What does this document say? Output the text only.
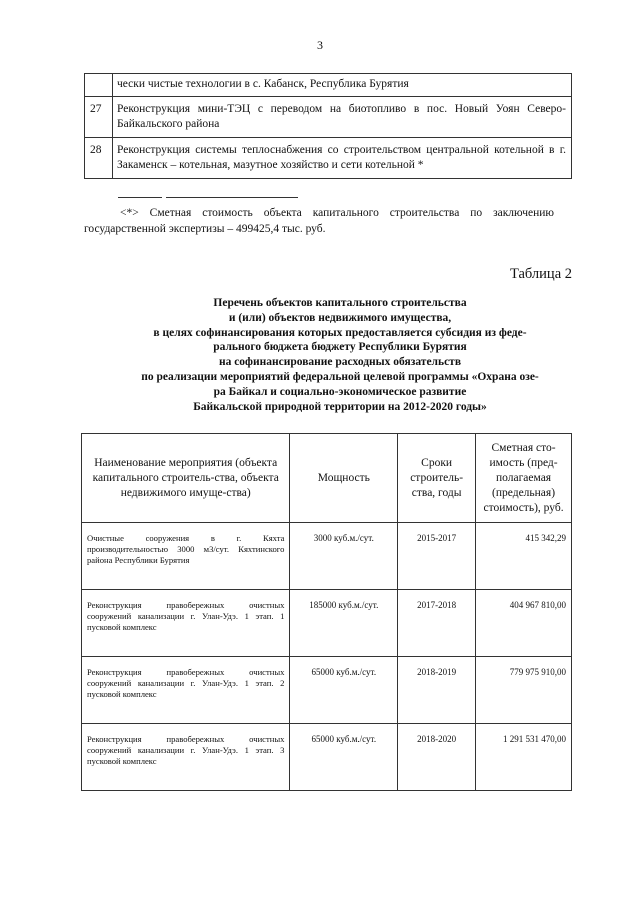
3
	чески чистые технологии в с. Кабанск, Республика Бурятия
27	Реконструкция мини-ТЭЦ с переводом на биотопливо в пос. Новый Уоян Северо-Байкальского района
28	Реконструкция системы теплоснабжения со строительством центральной котельной в г. Закаменск – котельная, мазутное хозяйство и сети котельной *
<*> Сметная стоимость объекта капитального строительства по заключению государственной экспертизы – 499425,4 тыс. руб.
Таблица 2
Перечень объектов капитального строительства
и (или) объектов недвижимого имущества,
в целях софинансирования которых предоставляется субсидия из феде-
рального бюджета бюджету Республики Бурятия
на софинансирование расходных обязательств
по реализации мероприятий федеральной целевой программы «Охрана озе-
ра Байкал и социально-экономическое развитие
Байкальской природной территории на 2012-2020 годы»
Наименование мероприятия (объекта капитального строитель-ства, объекта недвижимого имуще-ства)	Мощность	Сроки строитель-ства, годы	Сметная сто-имость (пред-полагаемая (предельная) стоимость), руб.
Очистные сооружения в г. Кяхта производительностью 3000 м3/сут. Кяхтинского района Республики Бурятия	3000 куб.м./сут.	2015-2017	415 342,29
Реконструкция правобережных очистных сооружений канализации г. Улан-Удэ. 1 этап. 1 пусковой комплекс	185000 куб.м./сут.	2017-2018	404 967 810,00
Реконструкция правобережных очистных сооружений канализации г. Улан-Удэ. 1 этап. 2 пусковой комплекс	65000 куб.м./сут.	2018-2019	779 975 910,00
Реконструкция правобережных очистных сооружений канализации г. Улан-Удэ. 1 этап. 3 пусковой комплекс	65000 куб.м./сут.	2018-2020	1 291 531 470,00
